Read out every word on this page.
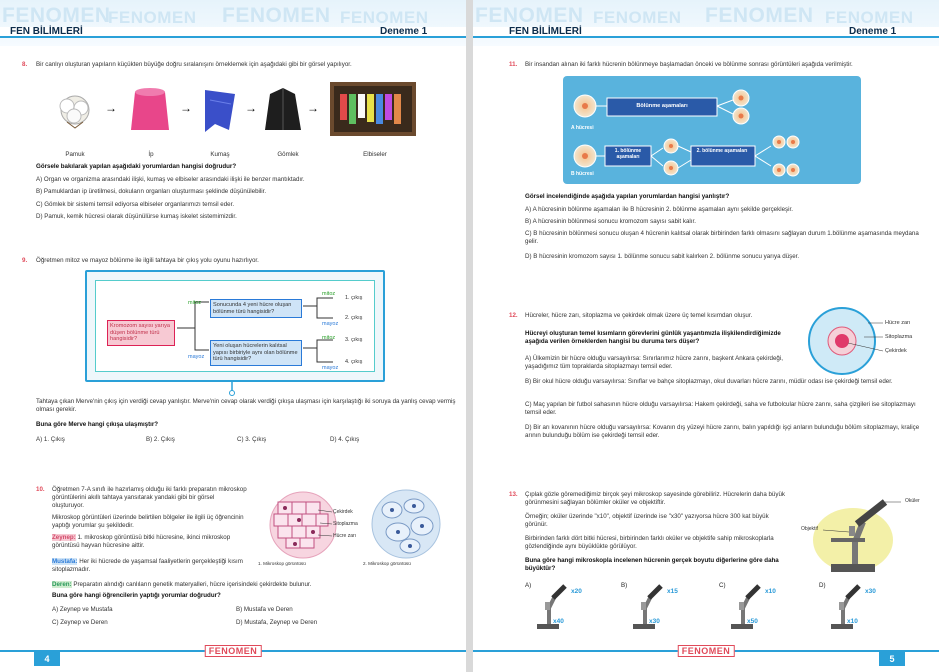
FENOMEN
FENOMEN FENOMEN FENOMEN
FEN BİLİMLERİ	Deneme 1
8. Bir canlıyı oluşturan yapıların küçükten büyüğe doğru sıralanışını örneklemek için aşağıdaki gibi bir görsel yapılıyor.
→	→	→	→
Pamuk	İp	Kumaş	Gömlek	Elbiseler
Görsele bakılarak yapılan aşağıdaki yorumlardan hangisi doğrudur?
A) Organ ve organizma arasındaki ilişki, kumaş ve elbiseler arasındaki ilişki ile benzer mantıktadır.
B) Pamuklardan ip üretilmesi, dokuların organları oluşturması şeklinde düşünülebilir.
C) Gömlek bir sistemi temsil ediyorsa elbiseler organlarımızı temsil eder.
D) Pamuk, kemik hücresi olarak düşünülürse kumaş iskelet sistemimizdir.
9. Öğretmen mitoz ve mayoz bölünme ile ilgili tahtaya bir çıkış yolu oyunu hazırlıyor.
Kromozom sayısı yarıya düşen bölünme türü hangisidir?
Sonucunda 4 yeni hücre oluşan bölünme türü hangisidir?
Yeni oluşan hücrelerin kalıtsal yapısı birbiriyle aynı olan bölünme türü hangisidir?
mitoz
mayoz
mitoz
mayoz
mitoz
mayoz
1. çıkış
2. çıkış
3. çıkış
4. çıkış
Tahtaya çıkan Merve'nin çıkış için verdiği cevap yanlıştır. Merve'nin cevap olarak verdiği çıkışa ulaşması için karşılaştığı iki soruya da yanlış cevap vermiş olması gerekir.
Buna göre Merve hangi çıkışa ulaşmıştır?
A) 1. Çıkış	B) 2. Çıkış	C) 3. Çıkış	D) 4. Çıkış
10. Öğretmen 7-A sınıfı ile hazırlamış olduğu iki farklı preparatın mikroskop görüntülerini akıllı tahtaya yansıtarak yandaki gibi bir görsel oluşturuyor.
Mikroskop görüntüleri üzerinde belirtilen bölgeler ile ilgili üç öğrencinin yaptığı yorumlar şu şekildedir.
Zeynep: 1. mikroskop görüntüsü bitki hücresine, ikinci mikroskop görüntüsü hayvan hücresine aittir.
Mustafa: Her iki hücrede de yaşamsal faaliyetlerin gerçekleştiği kısım sitoplazmadır.
Deren: Preparatın alındığı canlıların genetik materyalleri, hücre içerisindeki çekirdekte bulunur.
Çekirdek
Sitoplazma
Hücre zarı
1. Mikroskop görüntüsü	2. Mikroskop görüntüsü
Buna göre hangi öğrencilerin yaptığı yorumlar doğrudur?
A) Zeynep ve Mustafa	B) Mustafa ve Deren
C) Zeynep ve Deren	D) Mustafa, Zeynep ve Deren
FENOMEN
4
FENOMEN FENOMEN FENOMEN FENOMEN
FEN BİLİMLERİ	Deneme 1
11. Bir insandan alınan iki farklı hücrenin bölünmeye başlamadan önceki ve bölünme sonrası görüntüleri aşağıda verilmiştir.
A hücresi
B hücresi
Bölünme aşamaları
1. bölünme aşamaları
2. bölünme aşamaları
Görsel incelendiğinde aşağıda yapılan yorumlardan hangisi yanlıştır?
A) A hücresinin bölünme aşamaları ile B hücresinin 2. bölünme aşamaları aynı şekilde gerçekleşir.
B) A hücresinin bölünmesi sonucu kromozom sayısı sabit kalır.
C) B hücresinin bölünmesi sonucu oluşan 4 hücrenin kalıtsal olarak birbirinden farklı olmasını sağlayan durum 1.bölünme aşamasında meydana gelir.
D) B hücresinin kromozom sayısı 1. bölünme sonucu sabit kalırken 2. bölünme sonucu yarıya düşer.
12. Hücreler, hücre zarı, sitoplazma ve çekirdek olmak üzere üç temel kısımdan oluşur.
Hücreyi oluşturan temel kısımların görevlerini günlük yaşantımızla ilişkilendirdiğimizde aşağıda verilen örneklerden hangisi bu duruma ters düşer?
Hücre zarı
Sitoplazma
Çekirdek
A) Ülkemizin bir hücre olduğu varsayılırsa: Sınırlarımız hücre zarını, başkent Ankara çekirdeği, yaşadığımız tüm topraklarda sitoplazmayı temsil eder.
B) Bir okul hücre olduğu varsayılırsa: Sınıflar ve bahçe sitoplazmayı, okul duvarları hücre zarını, müdür odası ise çekirdeği temsil eder.
C) Maç yapılan bir futbol sahasının hücre olduğu varsayılırsa: Hakem çekirdeği, saha ve futbolcular hücre zarını, saha çizgileri ise sitoplazmayı temsil eder.
D) Bir arı kovanının hücre olduğu varsayılırsa: Kovanın dış yüzeyi hücre zarını, balın yapıldığı işçi arıların bulunduğu bölüm sitoplazmayı, kraliçe arının bulunduğu bölüm ise çekirdeği temsil eder.
13. Çıplak gözle göremediğimiz birçok şeyi mikroskop sayesinde görebiliriz. Hücrelerin daha büyük görünmesini sağlayan bölümler oküler ve objektiftir.
Örneğin; oküler üzerinde "x10", objektif üzerinde ise "x30" yazıyorsa hücre 300 kat büyük görünür.
Birbirinden farklı dört bitki hücresi, birbirinden farklı oküler ve objektife sahip mikroskoplarla gözlendiğinde aynı büyüklükte görülüyor.
Buna göre hangi mikroskopla incelenen hücrenin gerçek boyutu diğerlerine göre daha büyüktür?
Oküler
Objektif
A)
x20
x40
B)
x15
x30
C)
x10
x50
D)
x30
x10
FENOMEN
5
